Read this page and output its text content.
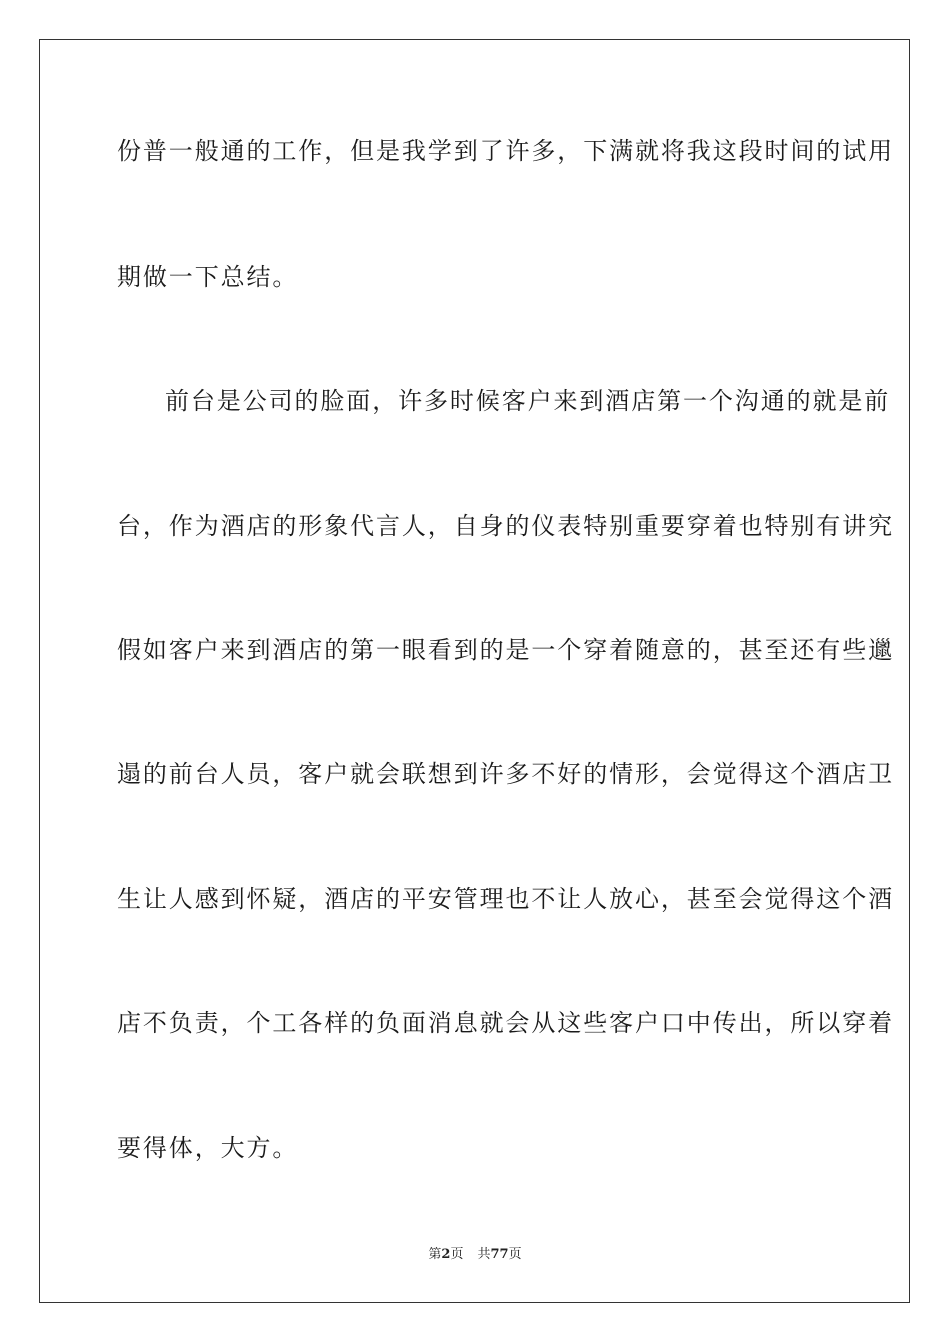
份普一般通的工作，但是我学到了许多，下满就将我这段时间的试用
期做一下总结。
前台是公司的脸面，许多时候客户来到酒店第一个沟通的就是前
台，作为酒店的形象代言人，自身的仪表特别重要穿着也特别有讲究
假如客户来到酒店的第一眼看到的是一个穿着随意的，甚至还有些邋
遢的前台人员，客户就会联想到许多不好的情形，会觉得这个酒店卫
生让人感到怀疑，酒店的平安管理也不让人放心，甚至会觉得这个酒
店不负责，个工各样的负面消息就会从这些客户口中传出，所以穿着
要得体，大方。
第2页 共77页
